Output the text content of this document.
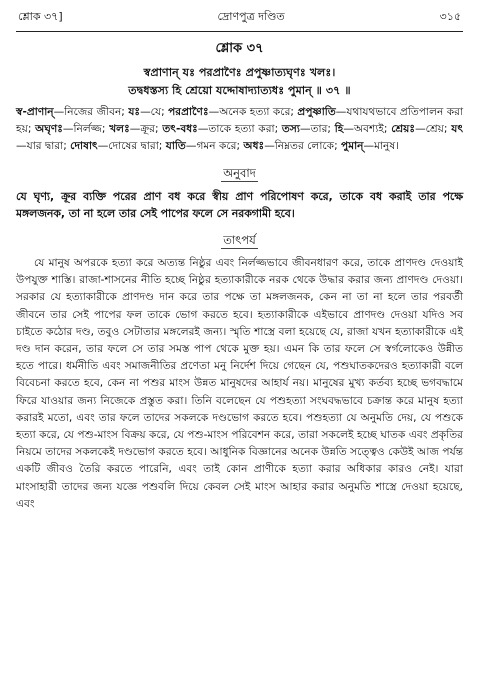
শ্লোক ৩৭]	দ্রোণপুত্র দণ্ডিত	৩১৫
শ্লোক ৩৭
স্বপ্রাণান্ যঃ পরপ্রাণৈঃ প্রপুষ্ণাত্যঘৃণঃ খলঃ।
তদ্বধস্তস্য হি শ্রেয়ো যদ্দোষাদ্যাত্যধঃ পুমান্ ॥ ৩৭ ॥
স্ব-প্রাণান্—নিজের জীবন; যঃ—যে; পরপ্রাণৈঃ—অনেক হত্যা করে; প্রপুষ্ণাতি—যথাযথভাবে প্রতিপালন করা হয়; অঘৃণঃ—নির্লজ্জ; খলঃ—ক্রূর; তৎ-বধঃ—তাকে হত্যা করা; তস্য—তার; হি—অবশ্যই; শ্রেয়ঃ—শ্রেয়; যৎ—যার দ্বারা; দোষাৎ—দোষের দ্বারা; যাতি—গমন করে; অধঃ—নিম্নতর লোকে; পুমান্—মানুষ।
অনুবাদ
যে ঘৃণ্য, ক্রূর ব্যক্তি পরের প্রাণ বধ করে স্বীয় প্রাণ পরিপোষণ করে, তাকে বধ করাই তার পক্ষে মঙ্গলজনক, তা না হলে তার সেই পাপের ফলে সে নরকগামী হবে।
তাৎপর্য

যে মানুষ অপরকে হত্যা করে অত্যন্ত নিষ্ঠুর এবং নির্লজ্জভাবে জীবনধারণ করে, তাকে প্রাণদণ্ড দেওয়াই উপযুক্ত শাস্তি। রাজা-শাসনের নীতি হচ্ছে নিষ্ঠুর হত্যাকারীকে নরক থেকে উদ্ধার করার জন্য প্রাণদণ্ড দেওয়া। সরকার যে হত্যাকারীকে প্রাণদণ্ড দান করে তার পক্ষে তা মঙ্গলজনক, কেন না তা না হলে তার পরবর্তী জীবনে তার সেই পাপের ফল তাকে ভোগ করতে হবে। হত্যাকারীকে এইভাবে প্রাণদণ্ড দেওয়া যদিও সব চাইতে কঠোর দণ্ড, তবুও সেটাতার মঙ্গলেরই জন্য। স্মৃতি শাস্ত্রে বলা হয়েছে যে, রাজা যখন হত্যাকারীকে এই দণ্ড দান করেন, তার ফলে সে তার সমস্ত পাপ থেকে মুক্ত হয়। এমন কি তার ফলে সে স্বর্গলোকেও উন্নীত হতে পারে। ধর্মনীতি এবং সমাজনীতির প্রণেতা মনু নির্দেশ দিয়ে গেছেন যে, পশুঘাতকদেরও হত্যাকারী বলে বিবেচনা করতে হবে, কেন না পশুর মাংস উন্নত মানুষদের আহার্য নয়। মানুষের মুখ্য কর্তব্য হচ্ছে ভগবদ্ধামে ফিরে যাওয়ার জন্য নিজেকে প্রস্তুত করা। তিনি বলেছেন যে পশুহত্যা সংঘবদ্ধভাবে চক্রান্ত করে মানুষ হত্যা করারই মতো, এবং তার ফলে তাদের সকলকে দণ্ডভোগ করতে হবে। পশুহত্যা যে অনুমতি দেয়, যে পশুকে হত্যা করে, যে পশু-মাংস বিক্রয় করে, যে পশু-মাংস পরিবেশন করে, তারা সকলেই হচ্ছে ঘাতক এবং প্রকৃতির নিয়মে তাদের সকলকেই দণ্ডভোগ করতে হবে। আধুনিক বিজ্ঞানের অনেক উন্নতি সত্ত্বেও কেউই আজ পর্যন্ত একটি জীবও তৈরি করতে পারেনি, এবং তাই কোন প্রাণীকে হত্যা করার অধিকার কারও নেই। যারা মাংসাহারী তাদের জন্য যজ্ঞে পশুবলি দিয়ে কেবল সেই মাংস আহার করার অনুমতি শাস্ত্রে দেওয়া হয়েছে, এবং
